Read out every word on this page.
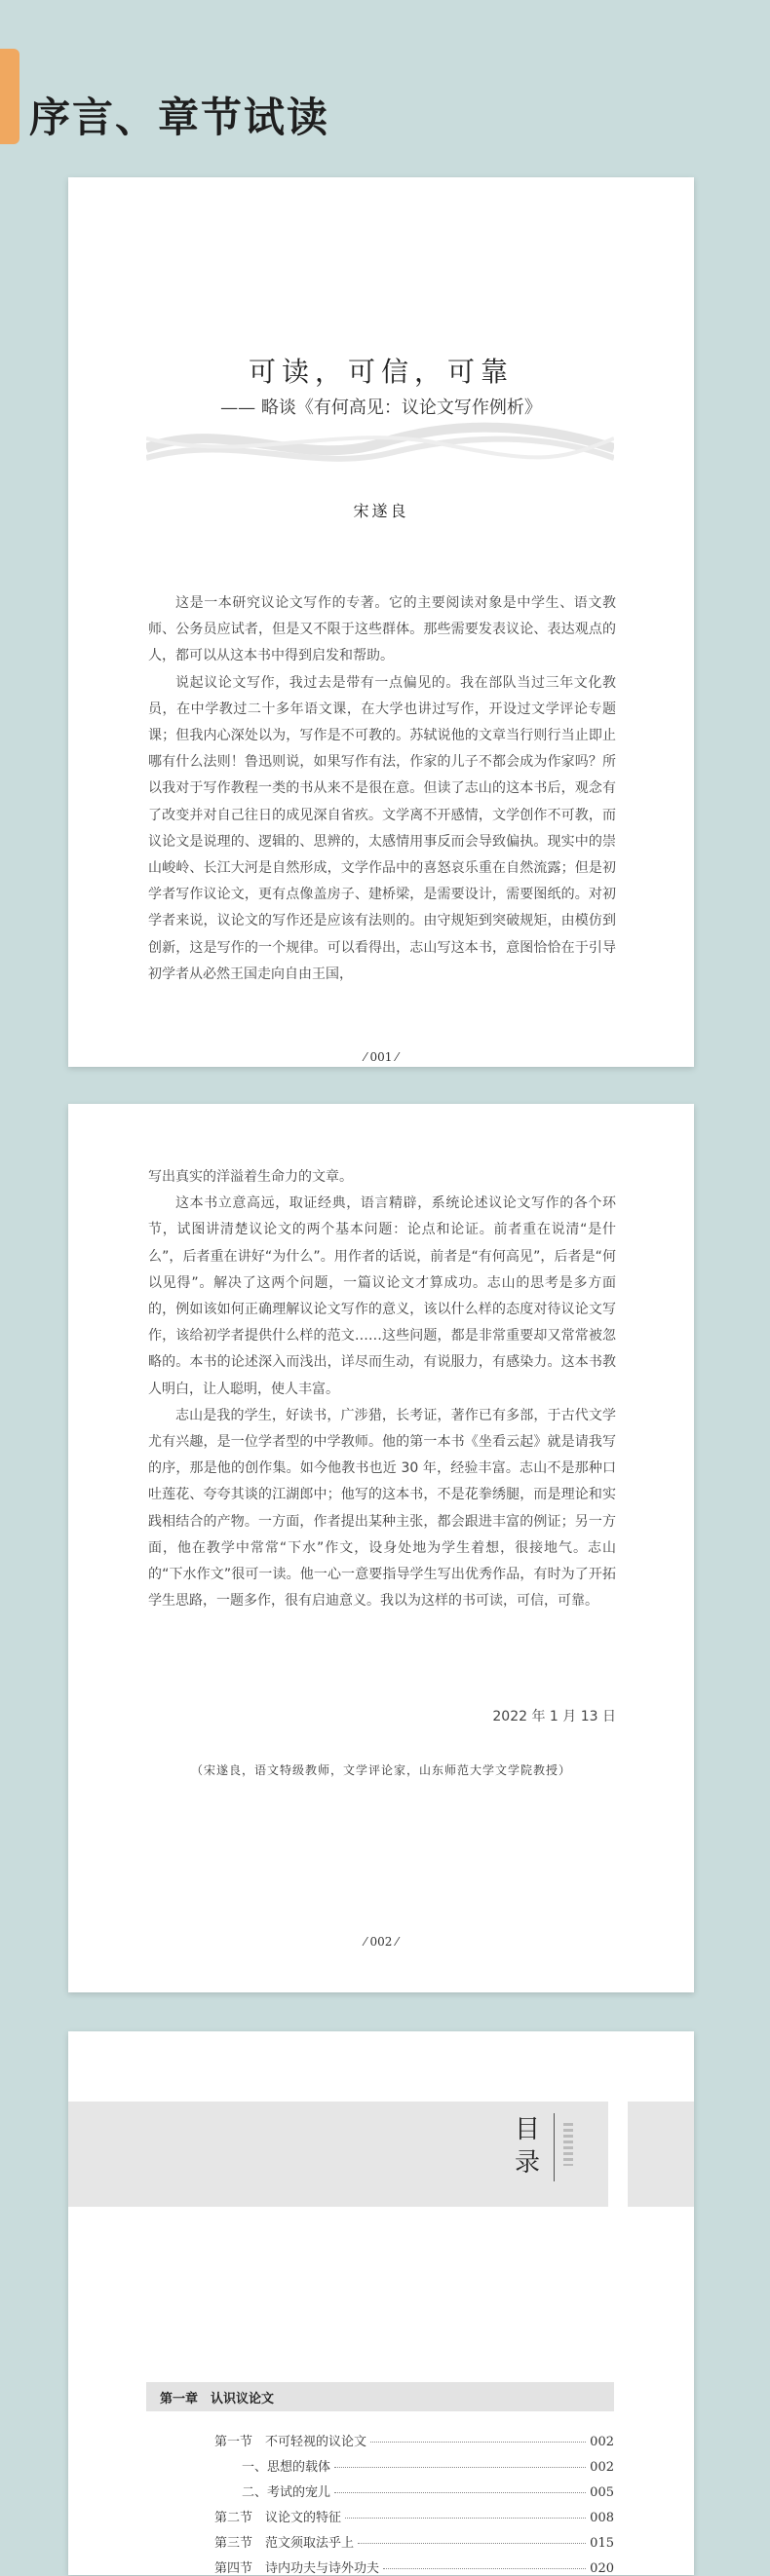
序言、章节试读
可读，可信，可靠
—— 略谈《有何高见：议论文写作例析》
宋遂良

这是一本研究议论文写作的专著。它的主要阅读对象是中学生、语文教师、公务员应试者，但是又不限于这些群体。那些需要发表议论、表达观点的人，都可以从这本书中得到启发和帮助。

说起议论文写作，我过去是带有一点偏见的。我在部队当过三年文化教员，在中学教过二十多年语文课，在大学也讲过写作，开设过文学评论专题课；但我内心深处以为，写作是不可教的。苏轼说他的文章当行则行当止即止哪有什么法则！鲁迅则说，如果写作有法，作家的儿子不都会成为作家吗？所以我对于写作教程一类的书从来不是很在意。但读了志山的这本书后，观念有了改变并对自己往日的成见深自省疚。文学离不开感情，文学创作不可教，而议论文是说理的、逻辑的、思辨的，太感情用事反而会导致偏执。现实中的崇山峻岭、长江大河是自然形成，文学作品中的喜怒哀乐重在自然流露；但是初学者写作议论文，更有点像盖房子、建桥梁，是需要设计，需要图纸的。对初学者来说，议论文的写作还是应该有法则的。由守规矩到突破规矩，由模仿到创新，这是写作的一个规律。可以看得出，志山写这本书，意图恰恰在于引导初学者从必然王国走向自由王国，

⁄ 001 ⁄

写出真实的洋溢着生命力的文章。

这本书立意高远，取证经典，语言精辟，系统论述议论文写作的各个环节，试图讲清楚议论文的两个基本问题：论点和论证。前者重在说清“是什么”，后者重在讲好“为什么”。用作者的话说，前者是“有何高见”，后者是“何以见得”。解决了这两个问题，一篇议论文才算成功。志山的思考是多方面的，例如该如何正确理解议论文写作的意义，该以什么样的态度对待议论文写作，该给初学者提供什么样的范文……这些问题，都是非常重要却又常常被忽略的。本书的论述深入而浅出，详尽而生动，有说服力，有感染力。这本书教人明白，让人聪明，使人丰富。

志山是我的学生，好读书，广涉猎，长考证，著作已有多部，于古代文学尤有兴趣，是一位学者型的中学教师。他的第一本书《坐看云起》就是请我写的序，那是他的创作集。如今他教书也近 30 年，经验丰富。志山不是那种口吐莲花、夸夸其谈的江湖郎中；他写的这本书，不是花拳绣腿，而是理论和实践相结合的产物。一方面，作者提出某种主张，都会跟进丰富的例证；另一方面，他在教学中常常“下水”作文，设身处地为学生着想，很接地气。志山的“下水作文”很可一读。他一心一意要指导学生写出优秀作品，有时为了开拓学生思路，一题多作，很有启迪意义。我以为这样的书可读，可信，可靠。

2022 年 1 月 13 日
（宋遂良，语文特级教师，文学评论家，山东师范大学文学院教授）
⁄ 002 ⁄
目录
第一章　认识议论文
第一节　不可轻视的议论文	002
一、思想的载体	002
二、考试的宠儿	005
第二节　议论文的特征	008
第三节　范文须取法乎上	015
第四节　诗内功夫与诗外功夫	020
